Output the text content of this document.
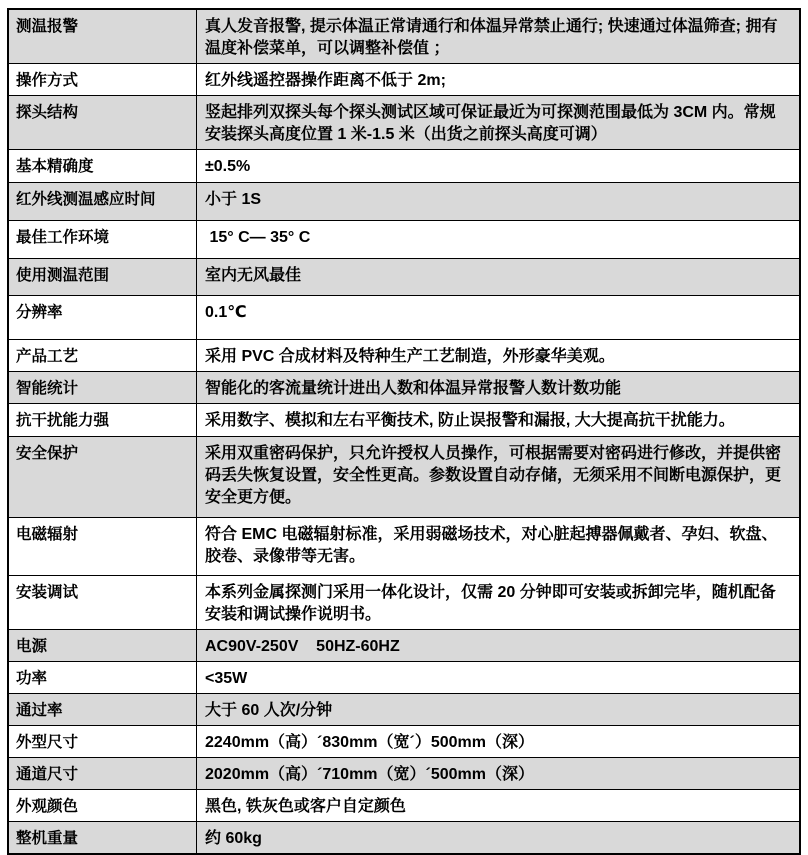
测温报警	真人发音报警, 提示体温正常请通行和体温异常禁止通行; 快速通过体温筛查; 拥有温度补偿菜单，可以调整补偿值 ；
操作方式	红外线遥控器操作距离不低于 2m;
探头结构	竖起排列双探头每个探头测试区域可保证最近为可探测范围最低为 3CM 内。常规安装探头高度位置 1 米-1.5 米（出货之前探头高度可调）
基本精确度	±0.5%
红外线测温感应时间	小于 1S
最佳工作环境	15° C— 35° C
使用测温范围	室内无风最佳
分辨率	0.1℃
产品工艺	采用 PVC 合成材料及特种生产工艺制造，外形豪华美观。
智能统计	智能化的客流量统计进出人数和体温异常报警人数计数功能
抗干扰能力强	采用数字、模拟和左右平衡技术, 防止误报警和漏报, 大大提高抗干扰能力。
安全保护	采用双重密码保护，只允许授权人员操作，可根据需要对密码进行修改，并提供密码丢失恢复设置，安全性更高。参数设置自动存储，无须采用不间断电源保护，更安全更方便。
电磁辐射	符合 EMC 电磁辐射标准，采用弱磁场技术，对心脏起搏器佩戴者、孕妇、软盘、胶卷、录像带等无害。
安装调试	本系列金属探测门采用一体化设计，仅需 20 分钟即可安装或拆卸完毕，随机配备安装和调试操作说明书。
电源	AC90V-250V    50HZ-60HZ
功率	<35W
通过率	大于 60 人次/分钟
外型尺寸	2240mm（高）´830mm（宽´）500mm（深）
通道尺寸	2020mm（高）´710mm（宽）´500mm（深）
外观颜色	黑色, 铁灰色或客户自定颜色
整机重量	约 60kg
